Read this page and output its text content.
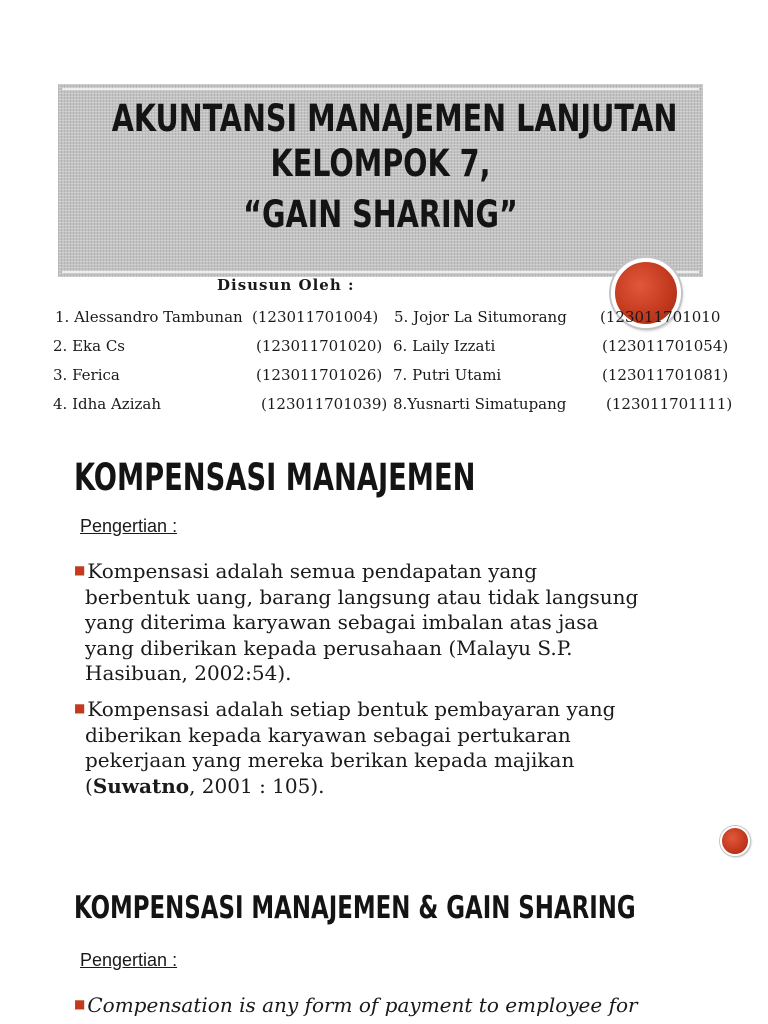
AKUNTANSI MANAJEMEN LANJUTAN
KELOMPOK 7,
“GAIN SHARING”
Disusun Oleh :
1. Alessandro Tambunan (123011701004)
2. Eka Cs	(123011701020)
3. Ferica	(123011701026)
4. Idha Azizah	(123011701039)
5. Jojor La Situmorang (123011701010
6. Laily Izzati	(123011701054)
7. Putri Utami	(123011701081)
8.Yusnarti Simatupang	(123011701111)
KOMPENSASI MANAJEMEN
Pengertian :
■ Kompensasi adalah semua pendapatan yang
berbentuk uang, barang langsung atau tidak langsung
yang diterima karyawan sebagai imbalan atas jasa
yang diberikan kepada perusahaan (Malayu S.P.
Hasibuan, 2002:54).
■ Kompensasi adalah setiap bentuk pembayaran yang
diberikan kepada karyawan sebagai pertukaran
pekerjaan yang mereka berikan kepada majikan
(Suwatno, 2001 : 105).
KOMPENSASI MANAJEMEN & GAIN SHARING
Pengertian :
■ Compensation is any form of payment to employee for
